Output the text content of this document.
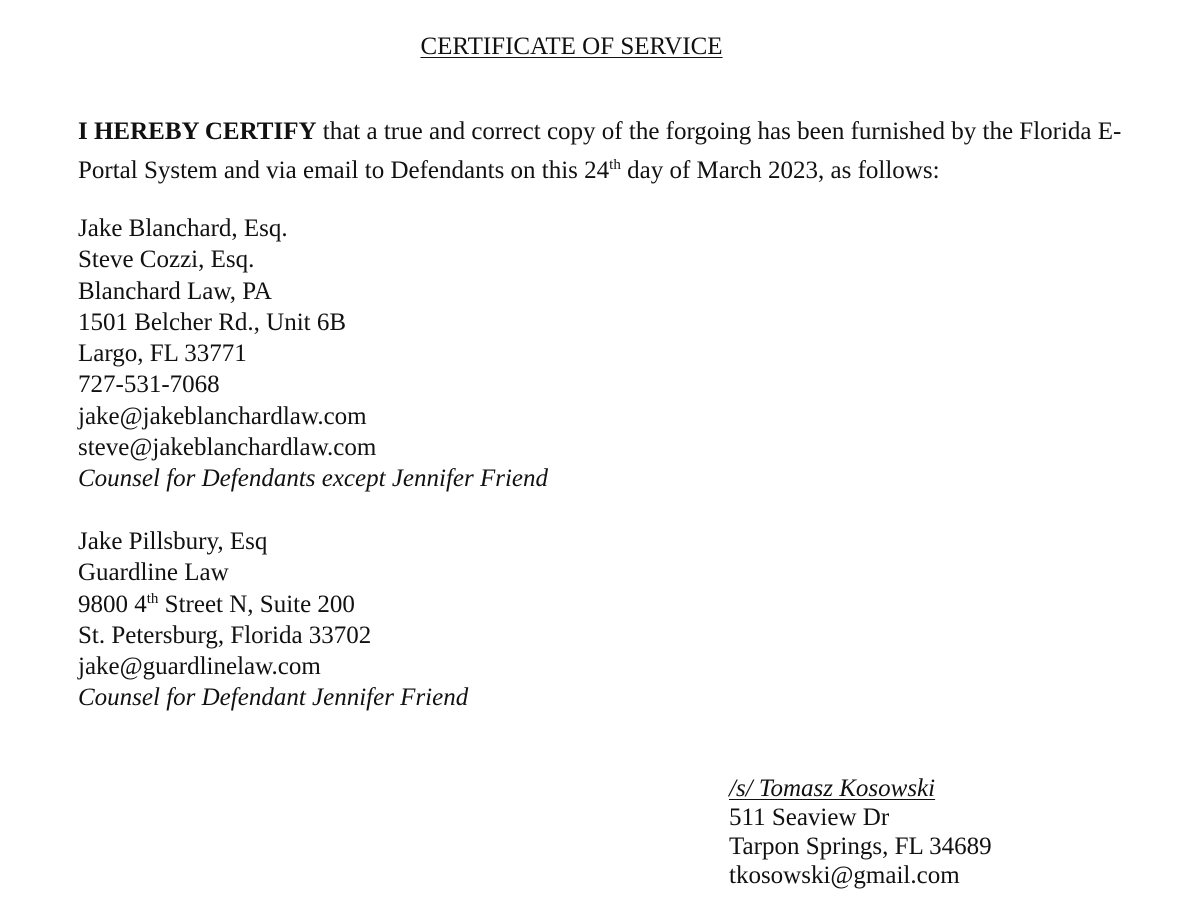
CERTIFICATE OF SERVICE
I HEREBY CERTIFY that a true and correct copy of the forgoing has been furnished by the Florida E-Portal System and via email to Defendants on this 24th day of March 2023, as follows:
Jake Blanchard, Esq.
Steve Cozzi, Esq.
Blanchard Law, PA
1501 Belcher Rd., Unit 6B
Largo, FL 33771
727-531-7068
jake@jakeblanchardlaw.com
steve@jakeblanchardlaw.com
Counsel for Defendants except Jennifer Friend
Jake Pillsbury, Esq
Guardline Law
9800 4th Street N, Suite 200
St. Petersburg, Florida 33702
jake@guardlinelaw.com
Counsel for Defendant Jennifer Friend
/s/ Tomasz Kosowski
511 Seaview Dr
Tarpon Springs, FL 34689
tkosowski@gmail.com
